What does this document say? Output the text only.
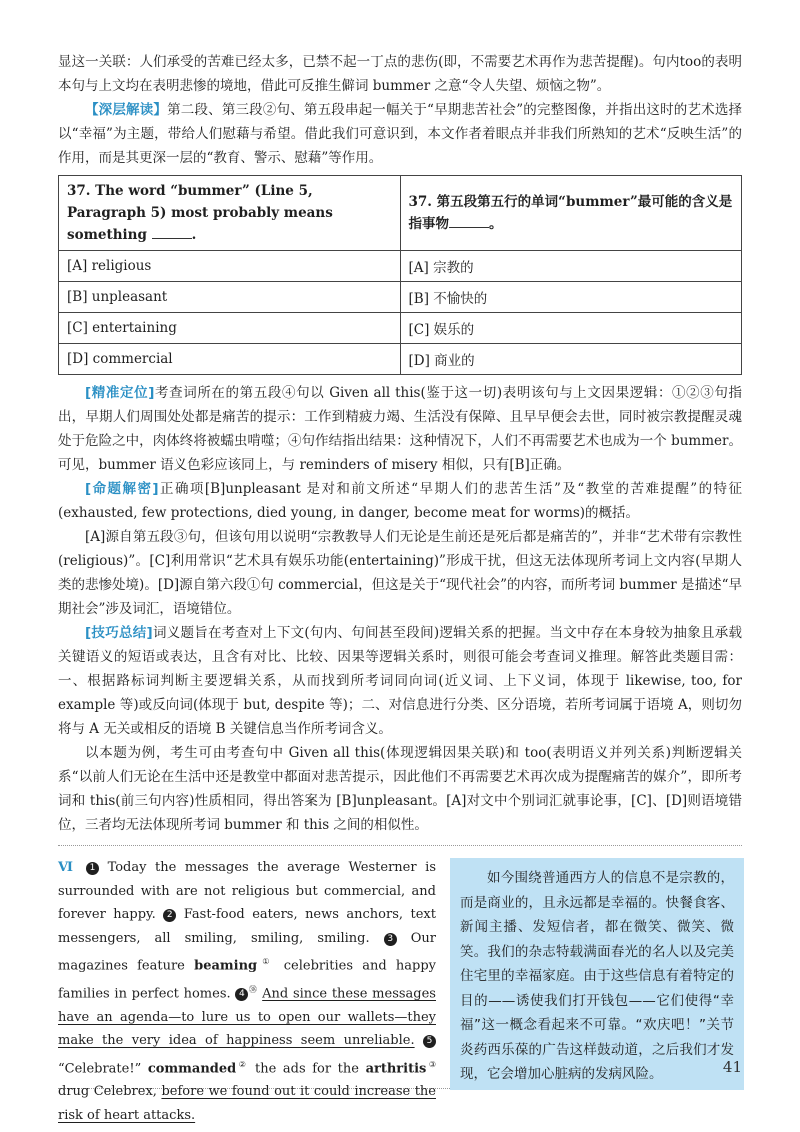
显这一关联：人们承受的苦难已经太多，已禁不起一丁点的悲伤(即，不需要艺术再作为悲苦提醒)。句内too的表明本句与上文均在表明悲惨的境地，借此可反推生僻词 bummer 之意“令人失望、烦恼之物”。

【深层解读】第二段、第三段②句、第五段串起一幅关于“早期悲苦社会”的完整图像，并指出这时的艺术选择以“幸福”为主题，带给人们慰藉与希望。借此我们可意识到，本文作者着眼点并非我们所熟知的艺术“反映生活”的作用，而是其更深一层的“教育、警示、慰藉”等作用。

37. The word “bummer” (Line 5, Paragraph 5) most probably means something .	37. 第五段第五行的单词“bummer”最可能的含义是指事物 。
[A] religious	[A] 宗教的
[B] unpleasant	[B] 不愉快的
[C] entertaining	[C] 娱乐的
[D] commercial	[D] 商业的

[精准定位]考查词所在的第五段④句以 Given all this(鉴于这一切)表明该句与上文因果逻辑：①②③句指出，早期人们周围处处都是痛苦的提示：工作到精疲力竭、生活没有保障、且早早便会去世，同时被宗教提醒灵魂处于危险之中，肉体终将被蠕虫啃噬；④句作结指出结果：这种情况下，人们不再需要艺术也成为一个 bummer。可见，bummer 语义色彩应该同上，与 reminders of misery 相似，只有[B]正确。

[命题解密]正确项[B]unpleasant 是对和前文所述“早期人们的悲苦生活”及“教堂的苦难提醒”的特征(exhausted, few protections, died young, in danger, become meat for worms)的概括。

[A]源自第五段③句，但该句用以说明“宗教教导人们无论是生前还是死后都是痛苦的”，并非“艺术带有宗教性(religious)”。[C]利用常识“艺术具有娱乐功能(entertaining)”形成干扰，但这无法体现所考词上文内容(早期人类的悲惨处境)。[D]源自第六段①句 commercial，但这是关于“现代社会”的内容，而所考词 bummer 是描述“早期社会”涉及词汇，语境错位。

[技巧总结]词义题旨在考查对上下文(句内、句间甚至段间)逻辑关系的把握。当文中存在本身较为抽象且承载关键语义的短语或表达，且含有对比、比较、因果等逻辑关系时，则很可能会考查词义推理。解答此类题目需：一、根据路标词判断主要逻辑关系，从而找到所考词同向词(近义词、上下义词，体现于 likewise, too, for example 等)或反向词(体现于 but, despite 等)；二、对信息进行分类、区分语境，若所考词属于语境 A，则切勿将与 A 无关或相反的语境 B 关键信息当作所考词含义。

以本题为例，考生可由考查句中 Given all this(体现逻辑因果关联)和 too(表明语义并列关系)判断逻辑关系“以前人们无论在生活中还是教堂中都面对悲苦提示，因此他们不再需要艺术再次成为提醒痛苦的媒介”，即所考词和 this(前三句内容)性质相同，得出答案为 [B]unpleasant。[A]对文中个别词汇就事论事，[C]、[D]则语境错位，三者均无法体现所考词 bummer 和 this 之间的相似性。

Ⅵ 1 Today the messages the average Westerner is surrounded with are not religious but commercial, and forever happy. 2 Fast-food eaters, news anchors, text messengers, all smiling, smiling, smiling. 3 Our magazines feature beaming① celebrities and happy families in perfect homes. 4 $^㊳$ And since these messages have an agenda—to lure us to open our wallets—they make the very idea of happiness seem unreliable. 5 “Celebrate!” commanded② the ads for the arthritis③ drug Celebrex, before we found out it could increase the risk of heart attacks.
如今围绕普通西方人的信息不是宗教的，而是商业的，且永远都是幸福的。快餐食客、新闻主播、发短信者，都在微笑、微笑、微笑。我们的杂志特载满面春光的名人以及完美住宅里的幸福家庭。由于这些信息有着特定的目的——诱使我们打开钱包——它们使得“幸福”这一概念看起来不可靠。“欢庆吧！”关节炎药西乐葆的广告这样鼓动道，之后我们才发现，它会增加心脏病的发病风险。	41
